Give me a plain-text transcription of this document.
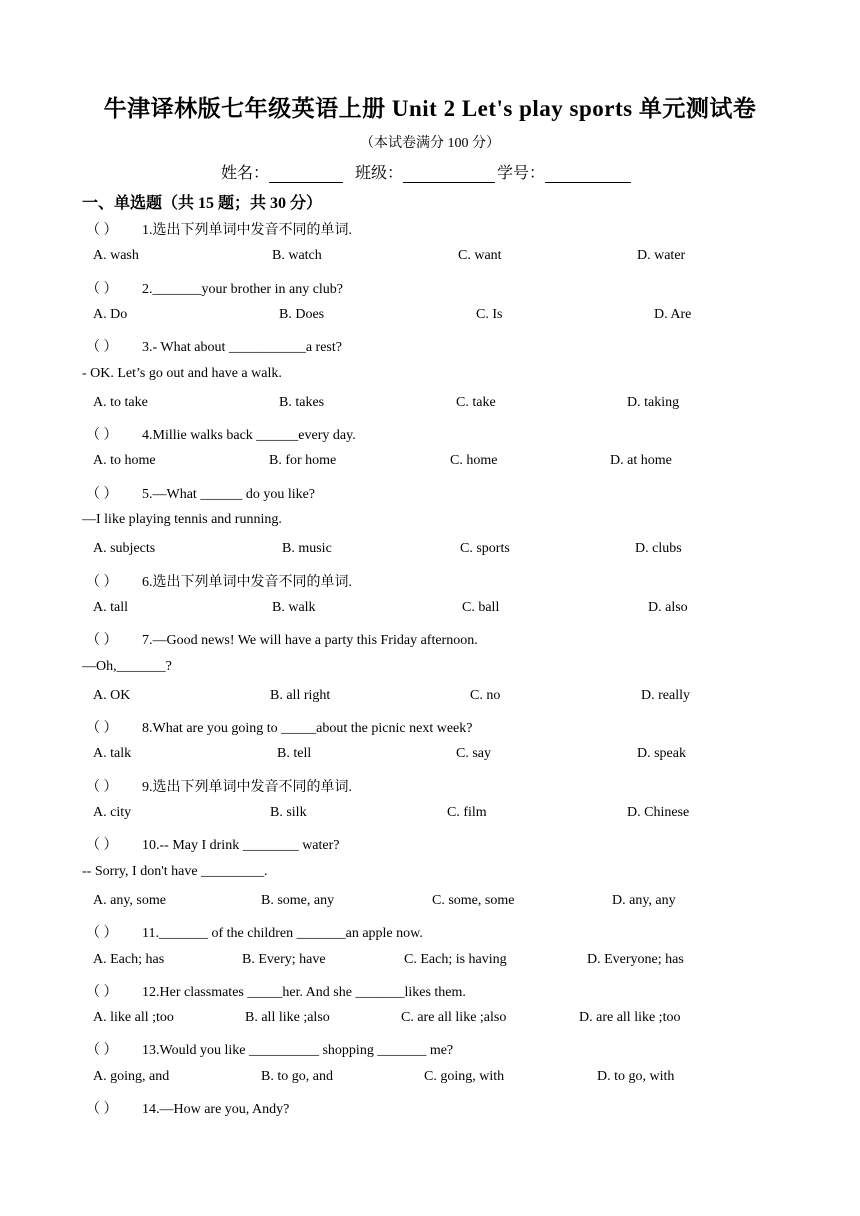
牛津译林版七年级英语上册 Unit 2 Let's play sports 单元测试卷
（本试卷满分 100 分）
姓名：	班级：	学号：
一、单选题（共 15 题；共 30 分）
（ ） 1.选出下列单词中发音不同的单词.
A. wash	B. watch	C. want	D. water
（ ） 2._______your brother in any club?
A. Do	B. Does	C. Is	D. Are
（ ） 3.- What about ___________a rest?
- OK. Let’s go out and have a walk.
A. to take	B. takes	C. take	D. taking
（ ） 4.Millie walks back ______every day.
A. to home	B. for home	C. home	D. at home
（ ） 5.—What ______ do you like?
—I like playing tennis and running.
A. subjects	B. music	C. sports	D. clubs
（ ） 6.选出下列单词中发音不同的单词.
A. tall	B. walk	C. ball	D. also
（ ） 7.—Good news! We will have a party this Friday afternoon.
—Oh,_______?
A. OK	B. all right	C. no	D. really
（ ） 8.What are you going to _____about the picnic next week?
A. talk	B. tell	C. say	D. speak
（ ） 9.选出下列单词中发音不同的单词.
A. city	B. silk	C. film	D. Chinese
（ ） 10.-- May I drink ________ water?
-- Sorry, I don't have _________.
A. any, some	B. some, any	C. some, some	D. any, any
（ ） 11._______ of the children _______an apple now.
A. Each; has	B. Every; have	C. Each; is having	D. Everyone; has
（ ） 12.Her classmates _____her. And she _______likes them.
A. like all ;too	B. all like ;also	C. are all like ;also	D. are all like ;too
（ ） 13.Would you like __________ shopping _______ me?
A. going, and	B. to go, and	C. going, with	D. to go, with
（ ） 14.—How are you, Andy?
